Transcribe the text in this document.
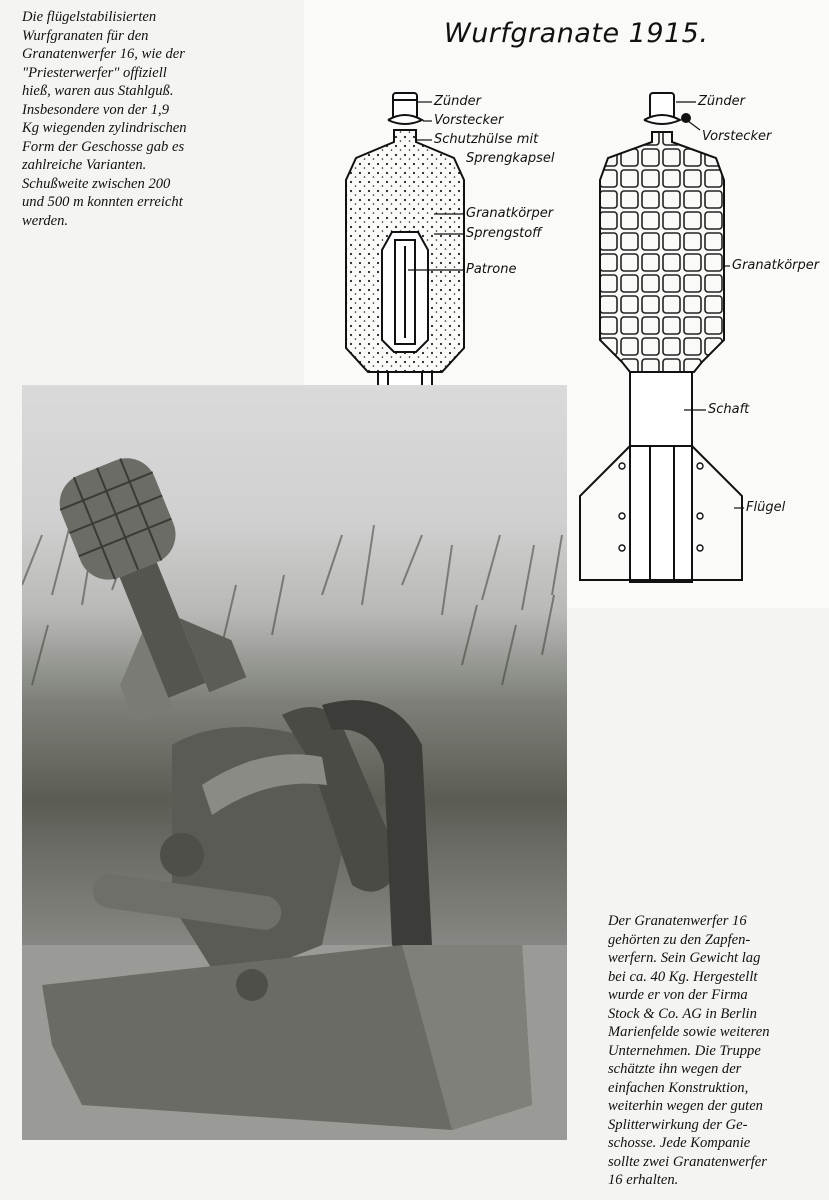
Die flügelstabilisierten
Wurfgranaten für den
Granatenwerfer 16, wie der
"Priesterwerfer" offiziell
hieß, waren aus Stahlguß.
Insbesondere von der 1,9
Kg wiegenden zylindrischen
Form der Geschosse gab es
zahlreiche Varianten.
Schußweite zwischen 200
und 500 m konnten erreicht
werden.

Wurfgranate 1915.
Zünder
Vorstecker
Schutzhülse mit
Sprengkapsel
Granatkörper
Sprengstoff
Patrone
Zünder
Vorstecker
Granatkörper
Schaft
Flügel

Der Granatenwerfer 16
gehörten zu den Zapfen-
werfern. Sein Gewicht lag
bei ca. 40 Kg. Hergestellt
wurde er von der Firma
Stock & Co. AG in Berlin
Marienfelde sowie weiteren
Unternehmen. Die Truppe
schätzte ihn wegen der
einfachen Konstruktion,
weiterhin wegen der guten
Splitterwirkung der Ge-
schosse. Jede Kompanie
sollte zwei Granatenwerfer
16 erhalten.
